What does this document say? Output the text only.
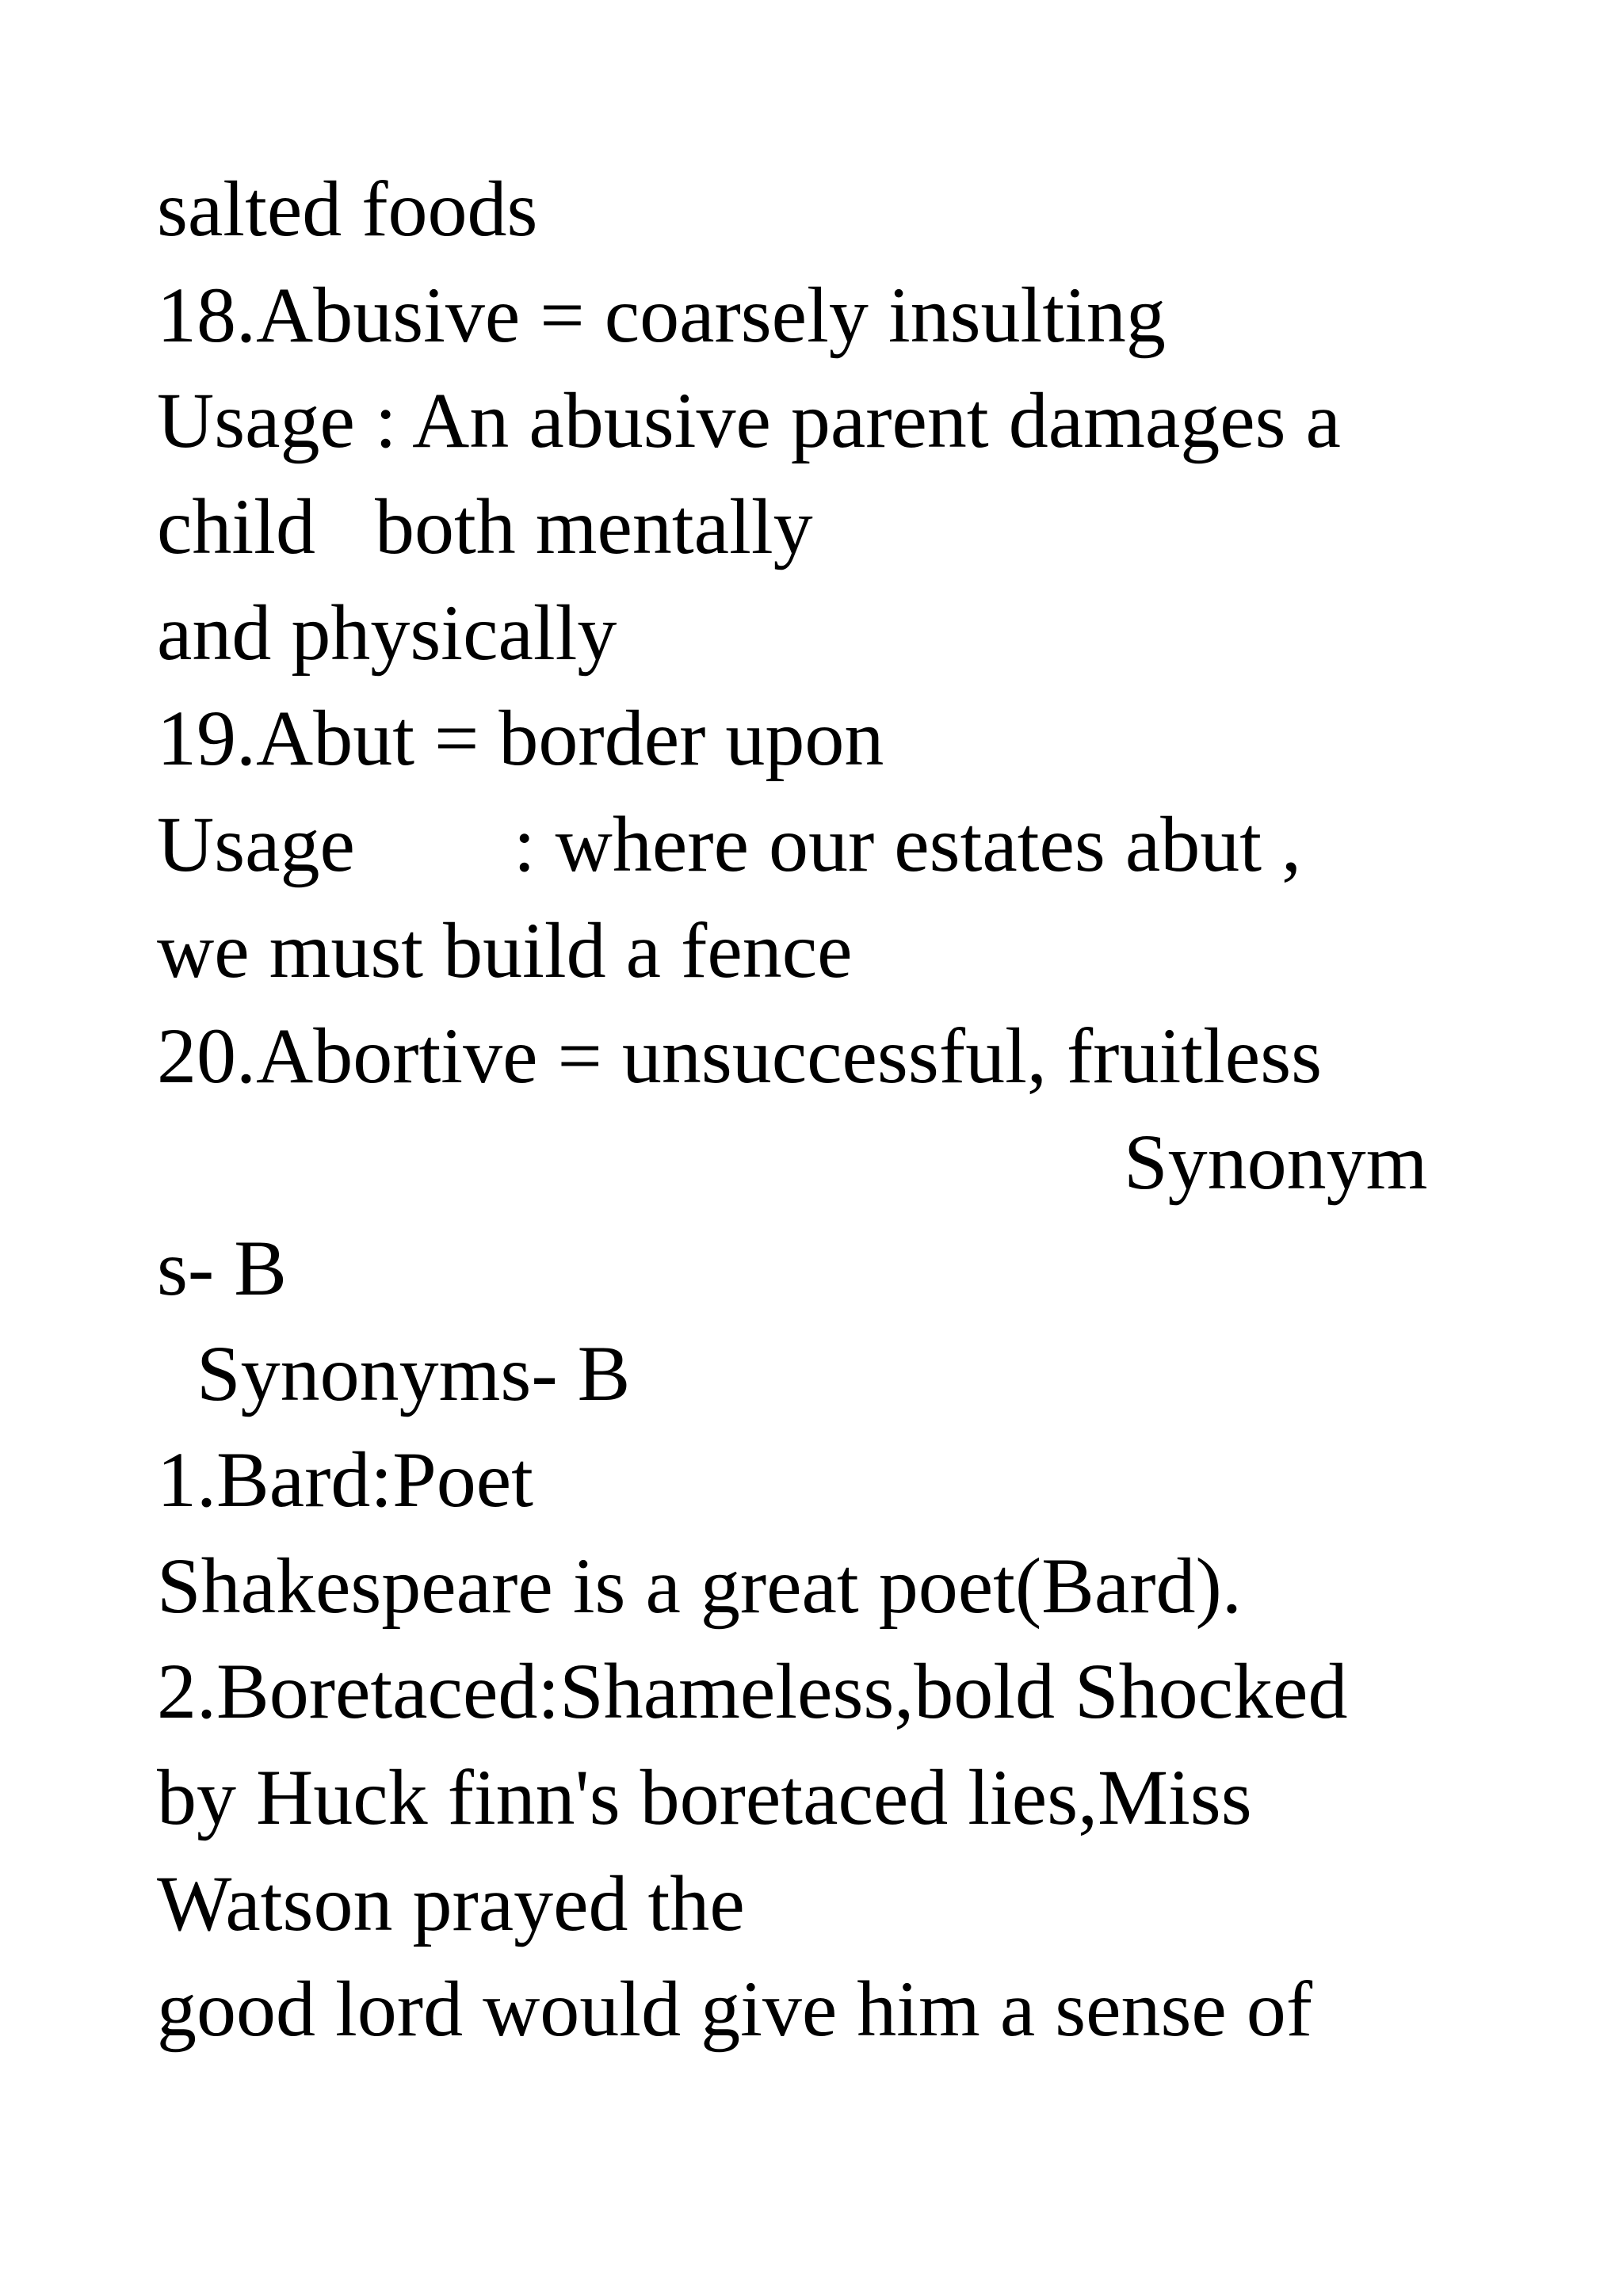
salted foods

18.Abusive = coarsely insulting

Usage : An abusive parent damages a

child   both mentally

and physically

19.Abut = border upon

Usage        : where our estates abut ,

we must build a fence

20.Abortive = unsuccessful, fruitless

Synonym

s- B

Synonyms- B

1.Bard:Poet

Shakespeare is a great poet(Bard).

2.Boretaced:Shameless,bold Shocked

by Huck finn's boretaced lies,Miss

Watson prayed the

good lord would give him a sense of
